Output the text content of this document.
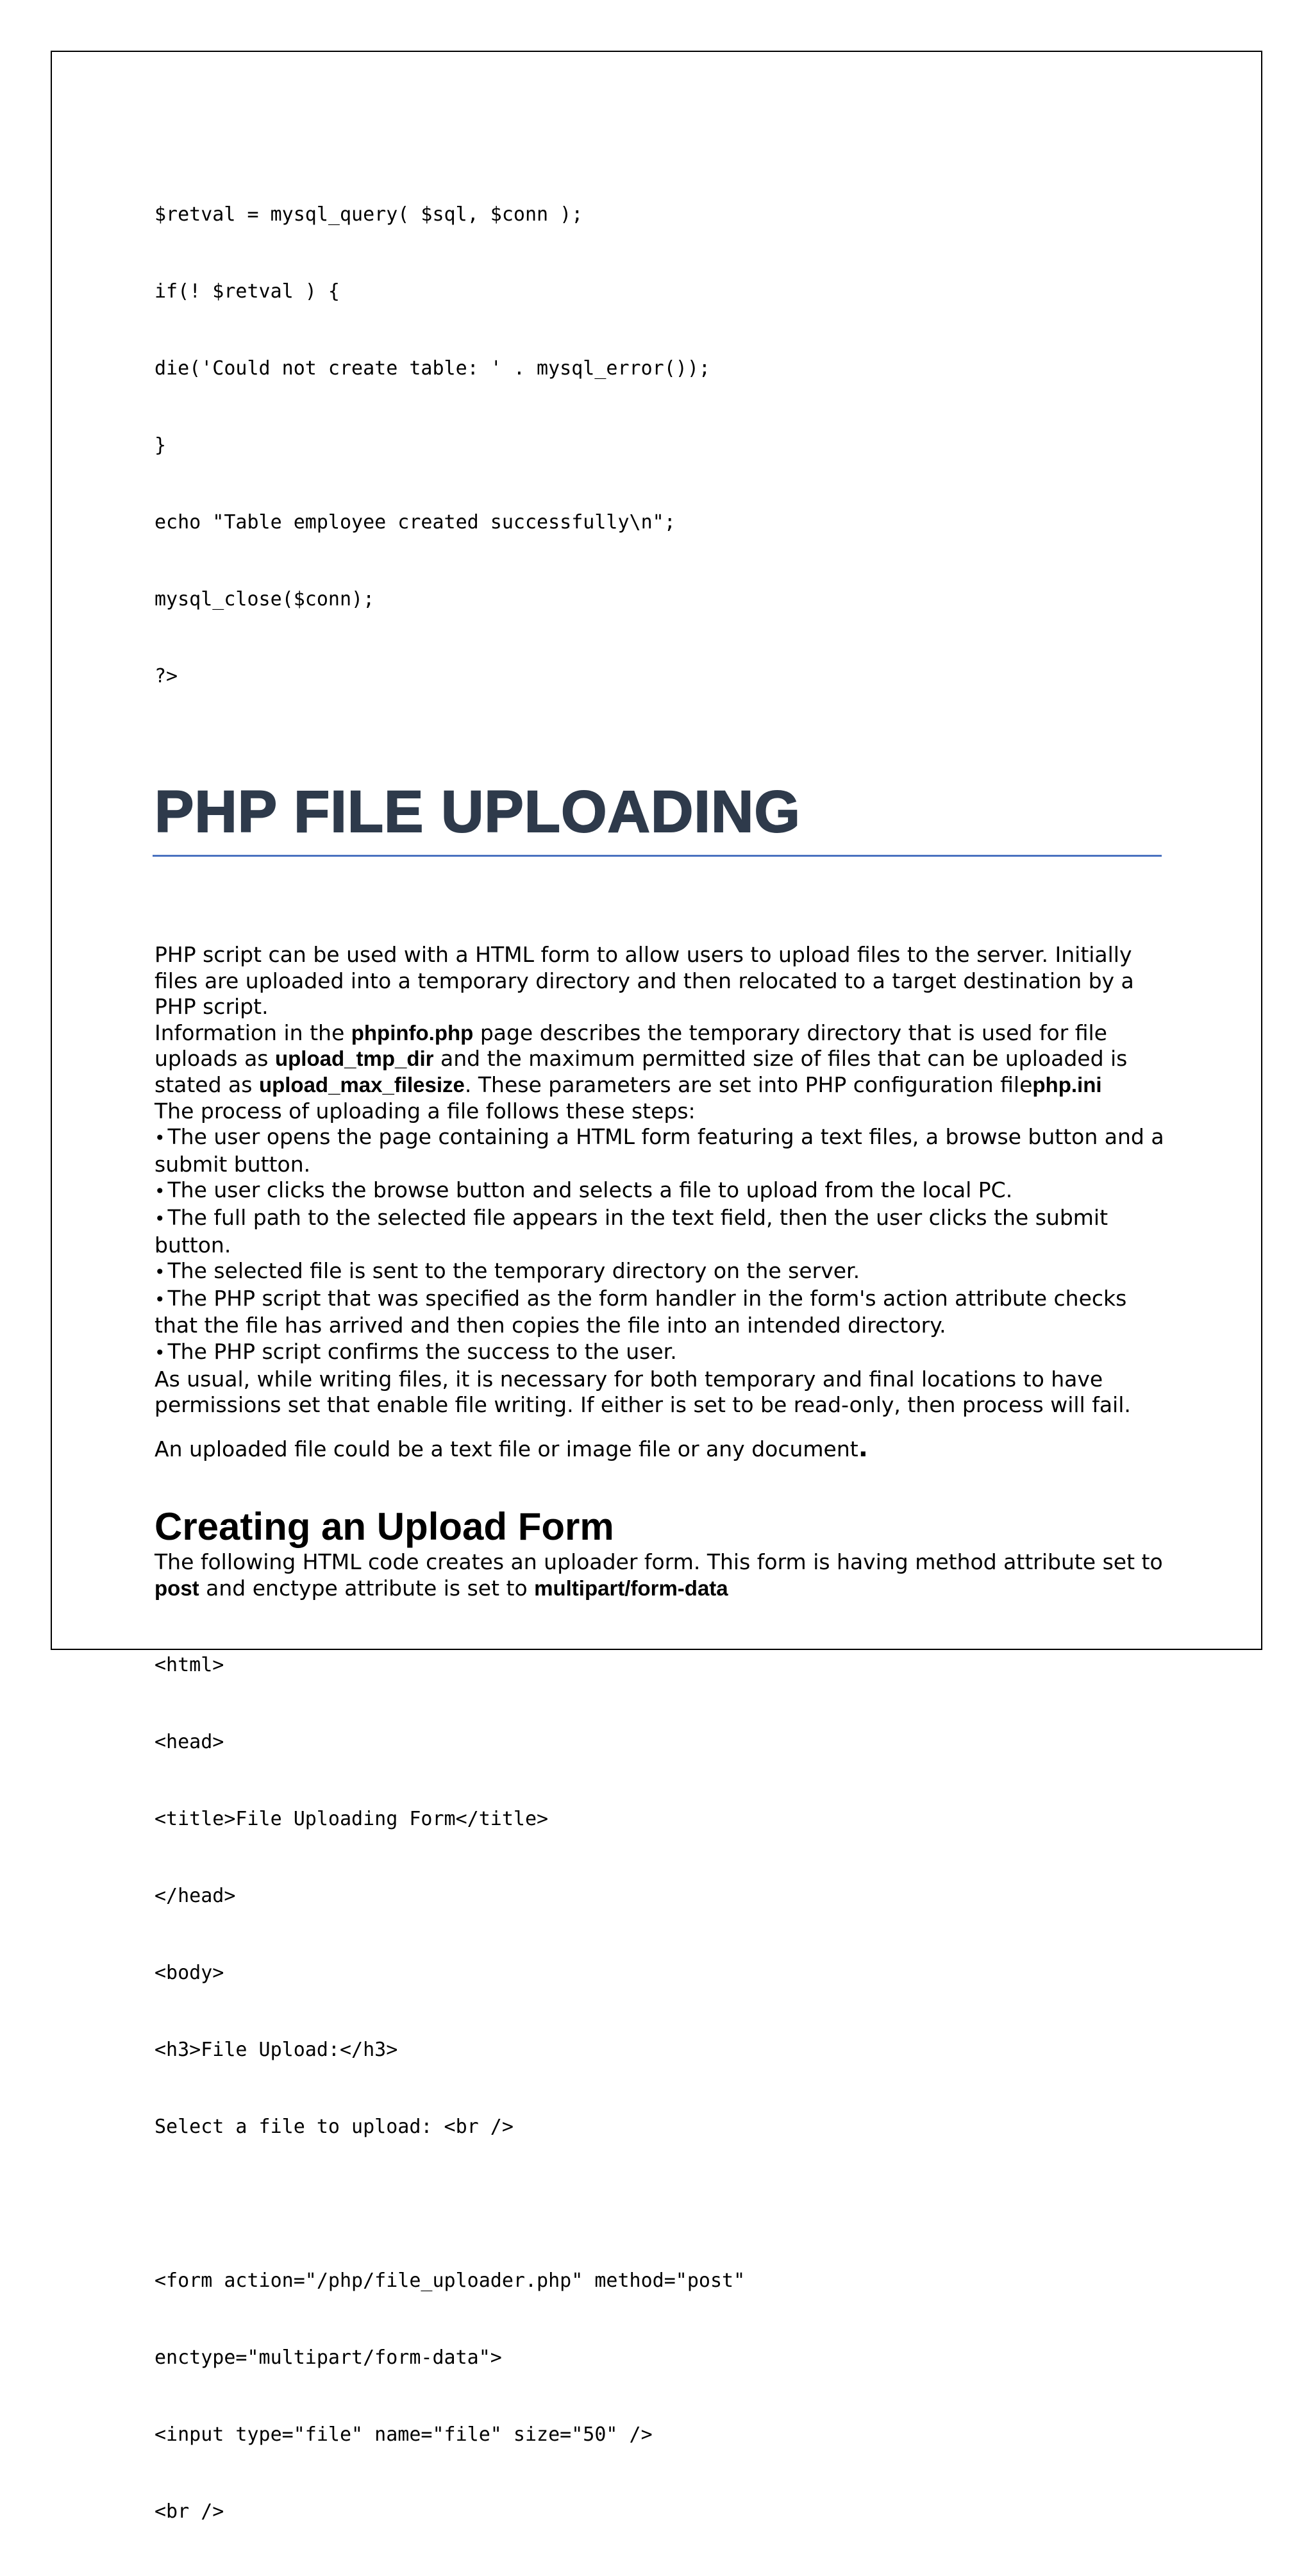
$retval = mysql_query( $sql, $conn );

if(! $retval ) {

die('Could not create table: ' . mysql_error());

}

echo "Table employee created successfully\n";

mysql_close($conn);

?>

PHP FILE UPLOADING
PHP script can be used with a HTML form to allow users to upload files to the server. Initially files are uploaded into a temporary directory and then relocated to a target destination by a PHP script.
Information in the phpinfo.php page describes the temporary directory that is used for file uploads as upload_tmp_dir and the maximum permitted size of files that can be uploaded is stated as upload_max_filesize. These parameters are set into PHP configuration filephp.ini
The process of uploading a file follows these steps:
• The user opens the page containing a HTML form featuring a text files, a browse button and a submit button.
• The user clicks the browse button and selects a file to upload from the local PC.
• The full path to the selected file appears in the text field, then the user clicks the submit button.
• The selected file is sent to the temporary directory on the server.
• The PHP script that was specified as the form handler in the form's action attribute checks that the file has arrived and then copies the file into an intended directory.
• The PHP script confirms the success to the user.
As usual, while writing files, it is necessary for both temporary and final locations to have permissions set that enable file writing. If either is set to be read-only, then process will fail.
An uploaded file could be a text file or image file or any document.
Creating an Upload Form
The following HTML code creates an uploader form. This form is having method attribute set to post and enctype attribute is set to multipart/form-data

<html>

<head>

<title>File Uploading Form</title>

</head>

<body>

<h3>File Upload:</h3>

Select a file to upload: <br />

<form action="/php/file_uploader.php" method="post"

enctype="multipart/form-data">

<input type="file" name="file" size="50" />

<br />
